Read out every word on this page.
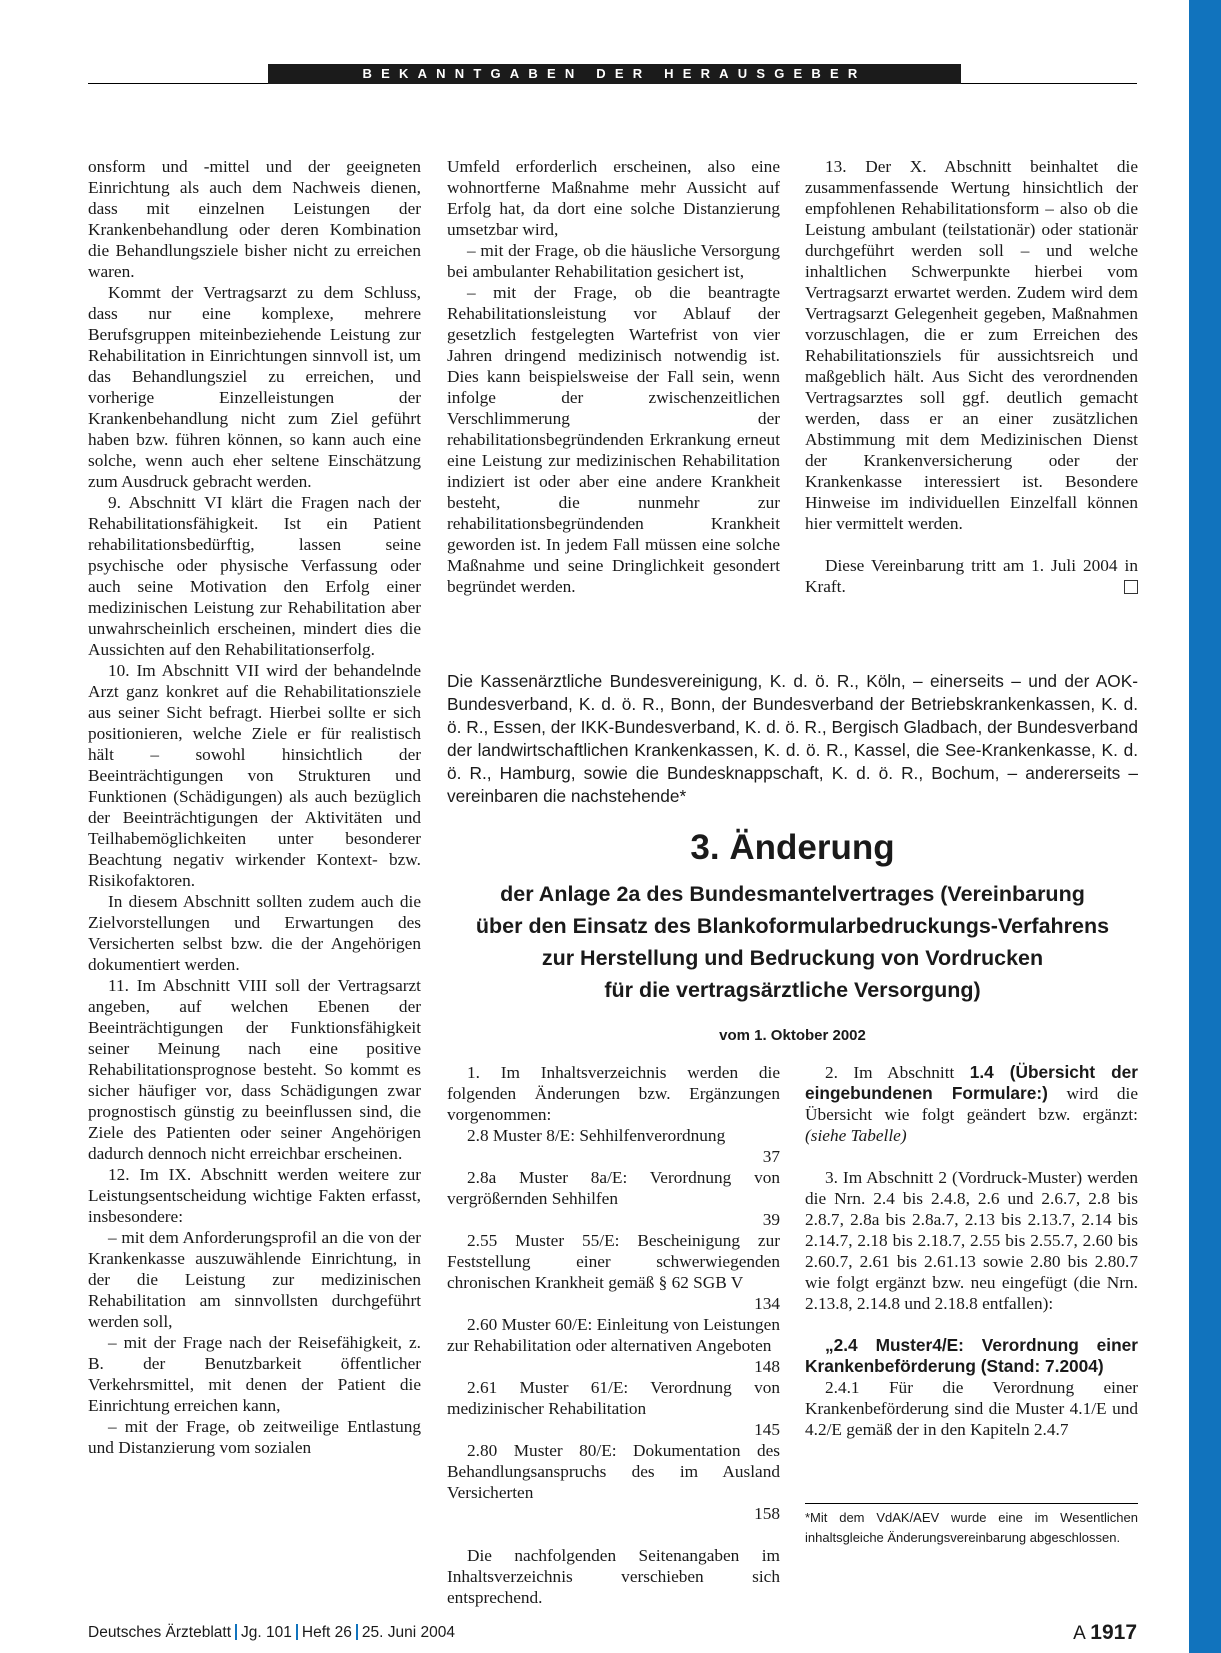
BEKANNTGABEN DER HERAUSGEBER

onsform und -mittel und der geeigneten Einrichtung als auch dem Nachweis dienen, dass mit einzelnen Leistungen der Krankenbehandlung oder deren Kombination die Behandlungsziele bisher nicht zu erreichen waren.

Kommt der Vertragsarzt zu dem Schluss, dass nur eine komplexe, mehrere Berufsgruppen miteinbeziehende Leistung zur Rehabilitation in Einrichtungen sinnvoll ist, um das Behandlungsziel zu erreichen, und vorherige Einzelleistungen der Krankenbehandlung nicht zum Ziel geführt haben bzw. führen können, so kann auch eine solche, wenn auch eher seltene Einschätzung zum Ausdruck gebracht werden.

9. Abschnitt VI klärt die Fragen nach der Rehabilitationsfähigkeit. Ist ein Patient rehabilitationsbedürftig, lassen seine psychische oder physische Verfassung oder auch seine Motivation den Erfolg einer medizinischen Leistung zur Rehabilitation aber unwahrscheinlich erscheinen, mindert dies die Aussichten auf den Rehabilitationserfolg.

10. Im Abschnitt VII wird der behandelnde Arzt ganz konkret auf die Rehabilitationsziele aus seiner Sicht befragt. Hierbei sollte er sich positionieren, welche Ziele er für realistisch hält – sowohl hinsichtlich der Beeinträchtigungen von Strukturen und Funktionen (Schädigungen) als auch bezüglich der Beeinträchtigungen der Aktivitäten und Teilhabemöglichkeiten unter besonderer Beachtung negativ wirkender Kontext- bzw. Risikofaktoren.

In diesem Abschnitt sollten zudem auch die Zielvorstellungen und Erwartungen des Versicherten selbst bzw. die der Angehörigen dokumentiert werden.

11. Im Abschnitt VIII soll der Vertragsarzt angeben, auf welchen Ebenen der Beeinträchtigungen der Funktionsfähigkeit seiner Meinung nach eine positive Rehabilitationsprognose besteht. So kommt es sicher häufiger vor, dass Schädigungen zwar prognostisch günstig zu beeinflussen sind, die Ziele des Patienten oder seiner Angehörigen dadurch dennoch nicht erreichbar erscheinen.

12. Im IX. Abschnitt werden weitere zur Leistungsentscheidung wichtige Fakten erfasst, insbesondere:

– mit dem Anforderungsprofil an die von der Krankenkasse auszuwählende Einrichtung, in der die Leistung zur medizinischen Rehabilitation am sinnvollsten durchgeführt werden soll,

– mit der Frage nach der Reisefähigkeit, z. B. der Benutzbarkeit öffentlicher Verkehrsmittel, mit denen der Patient die Einrichtung erreichen kann,

– mit der Frage, ob zeitweilige Entlastung und Distanzierung vom sozialen

Umfeld erforderlich erscheinen, also eine wohnortferne Maßnahme mehr Aussicht auf Erfolg hat, da dort eine solche Distanzierung umsetzbar wird,

– mit der Frage, ob die häusliche Versorgung bei ambulanter Rehabilitation gesichert ist,

– mit der Frage, ob die beantragte Rehabilitationsleistung vor Ablauf der gesetzlich festgelegten Wartefrist von vier Jahren dringend medizinisch notwendig ist. Dies kann beispielsweise der Fall sein, wenn infolge der zwischenzeitlichen Verschlimmerung der rehabilitationsbegründenden Erkrankung erneut eine Leistung zur medizinischen Rehabilitation indiziert ist oder aber eine andere Krankheit besteht, die nunmehr zur rehabilitationsbegründenden Krankheit geworden ist. In jedem Fall müssen eine solche Maßnahme und seine Dringlichkeit gesondert begründet werden.

13. Der X. Abschnitt beinhaltet die zusammenfassende Wertung hinsichtlich der empfohlenen Rehabilitationsform – also ob die Leistung ambulant (teilstationär) oder stationär durchgeführt werden soll – und welche inhaltlichen Schwerpunkte hierbei vom Vertragsarzt erwartet werden. Zudem wird dem Vertragsarzt Gelegenheit gegeben, Maßnahmen vorzuschlagen, die er zum Erreichen des Rehabilitationsziels für aussichtsreich und maßgeblich hält. Aus Sicht des verordnenden Vertragsarztes soll ggf. deutlich gemacht werden, dass er an einer zusätzlichen Abstimmung mit dem Medizinischen Dienst der Krankenversicherung oder der Krankenkasse interessiert ist. Besondere Hinweise im individuellen Einzelfall können hier vermittelt werden.

Diese Vereinbarung tritt am 1. Juli 2004 in Kraft.

Die Kassenärztliche Bundesvereinigung, K. d. ö. R., Köln, – einerseits – und der AOK-Bundesverband, K. d. ö. R., Bonn, der Bundesverband der Betriebskrankenkassen, K. d. ö. R., Essen, der IKK-Bundesverband, K. d. ö. R., Bergisch Gladbach, der Bundesverband der landwirtschaftlichen Krankenkassen, K. d. ö. R., Kassel, die See-Krankenkasse, K. d. ö. R., Hamburg, sowie die Bundesknappschaft, K. d. ö. R., Bochum, – andererseits – vereinbaren die nachstehende*

3. Änderung

der Anlage 2a des Bundesmantelvertrages (Vereinbarung
über den Einsatz des Blankoformularbedruckungs-Verfahrens
zur Herstellung und Bedruckung von Vordrucken
für die vertragsärztliche Versorgung)

vom 1. Oktober 2002

1. Im Inhaltsverzeichnis werden die folgenden Änderungen bzw. Ergänzungen vorgenommen:

2.8 Muster 8/E: Sehhilfenverordnung
37
2.8a Muster 8a/E: Verordnung von vergrößernden Sehhilfen
39
2.55 Muster 55/E: Bescheinigung zur Feststellung einer schwerwiegenden chronischen Krankheit gemäß § 62 SGB V
134
2.60 Muster 60/E: Einleitung von Leistungen zur Rehabilitation oder alternativen Angeboten
148
2.61 Muster 61/E: Verordnung von medizinischer Rehabilitation
145
2.80 Muster 80/E: Dokumentation des Behandlungsanspruchs des im Ausland Versicherten
158

Die nachfolgenden Seitenangaben im Inhaltsverzeichnis verschieben sich entsprechend.

2. Im Abschnitt 1.4 (Übersicht der eingebundenen Formulare:) wird die Übersicht wie folgt geändert bzw. ergänzt: (siehe Tabelle)

3. Im Abschnitt 2 (Vordruck-Muster) werden die Nrn. 2.4 bis 2.4.8, 2.6 und 2.6.7, 2.8 bis 2.8.7, 2.8a bis 2.8a.7, 2.13 bis 2.13.7, 2.14 bis 2.14.7, 2.18 bis 2.18.7, 2.55 bis 2.55.7, 2.60 bis 2.60.7, 2.61 bis 2.61.13 sowie 2.80 bis 2.80.7 wie folgt ergänzt bzw. neu eingefügt (die Nrn. 2.13.8, 2.14.8 und 2.18.8 entfallen):

„2.4 Muster4/E: Verordnung einer Krankenbeförderung (Stand: 7.2004)

2.4.1 Für die Verordnung einer Krankenbeförderung sind die Muster 4.1/E und 4.2/E gemäß der in den Kapiteln 2.4.7

*Mit dem VdAK/AEV wurde eine im Wesentlichen inhaltsgleiche Änderungsvereinbarung abgeschlossen.
Deutsches Ärzteblatt Jg. 101 Heft 26 25. Juni 2004	A 1917
